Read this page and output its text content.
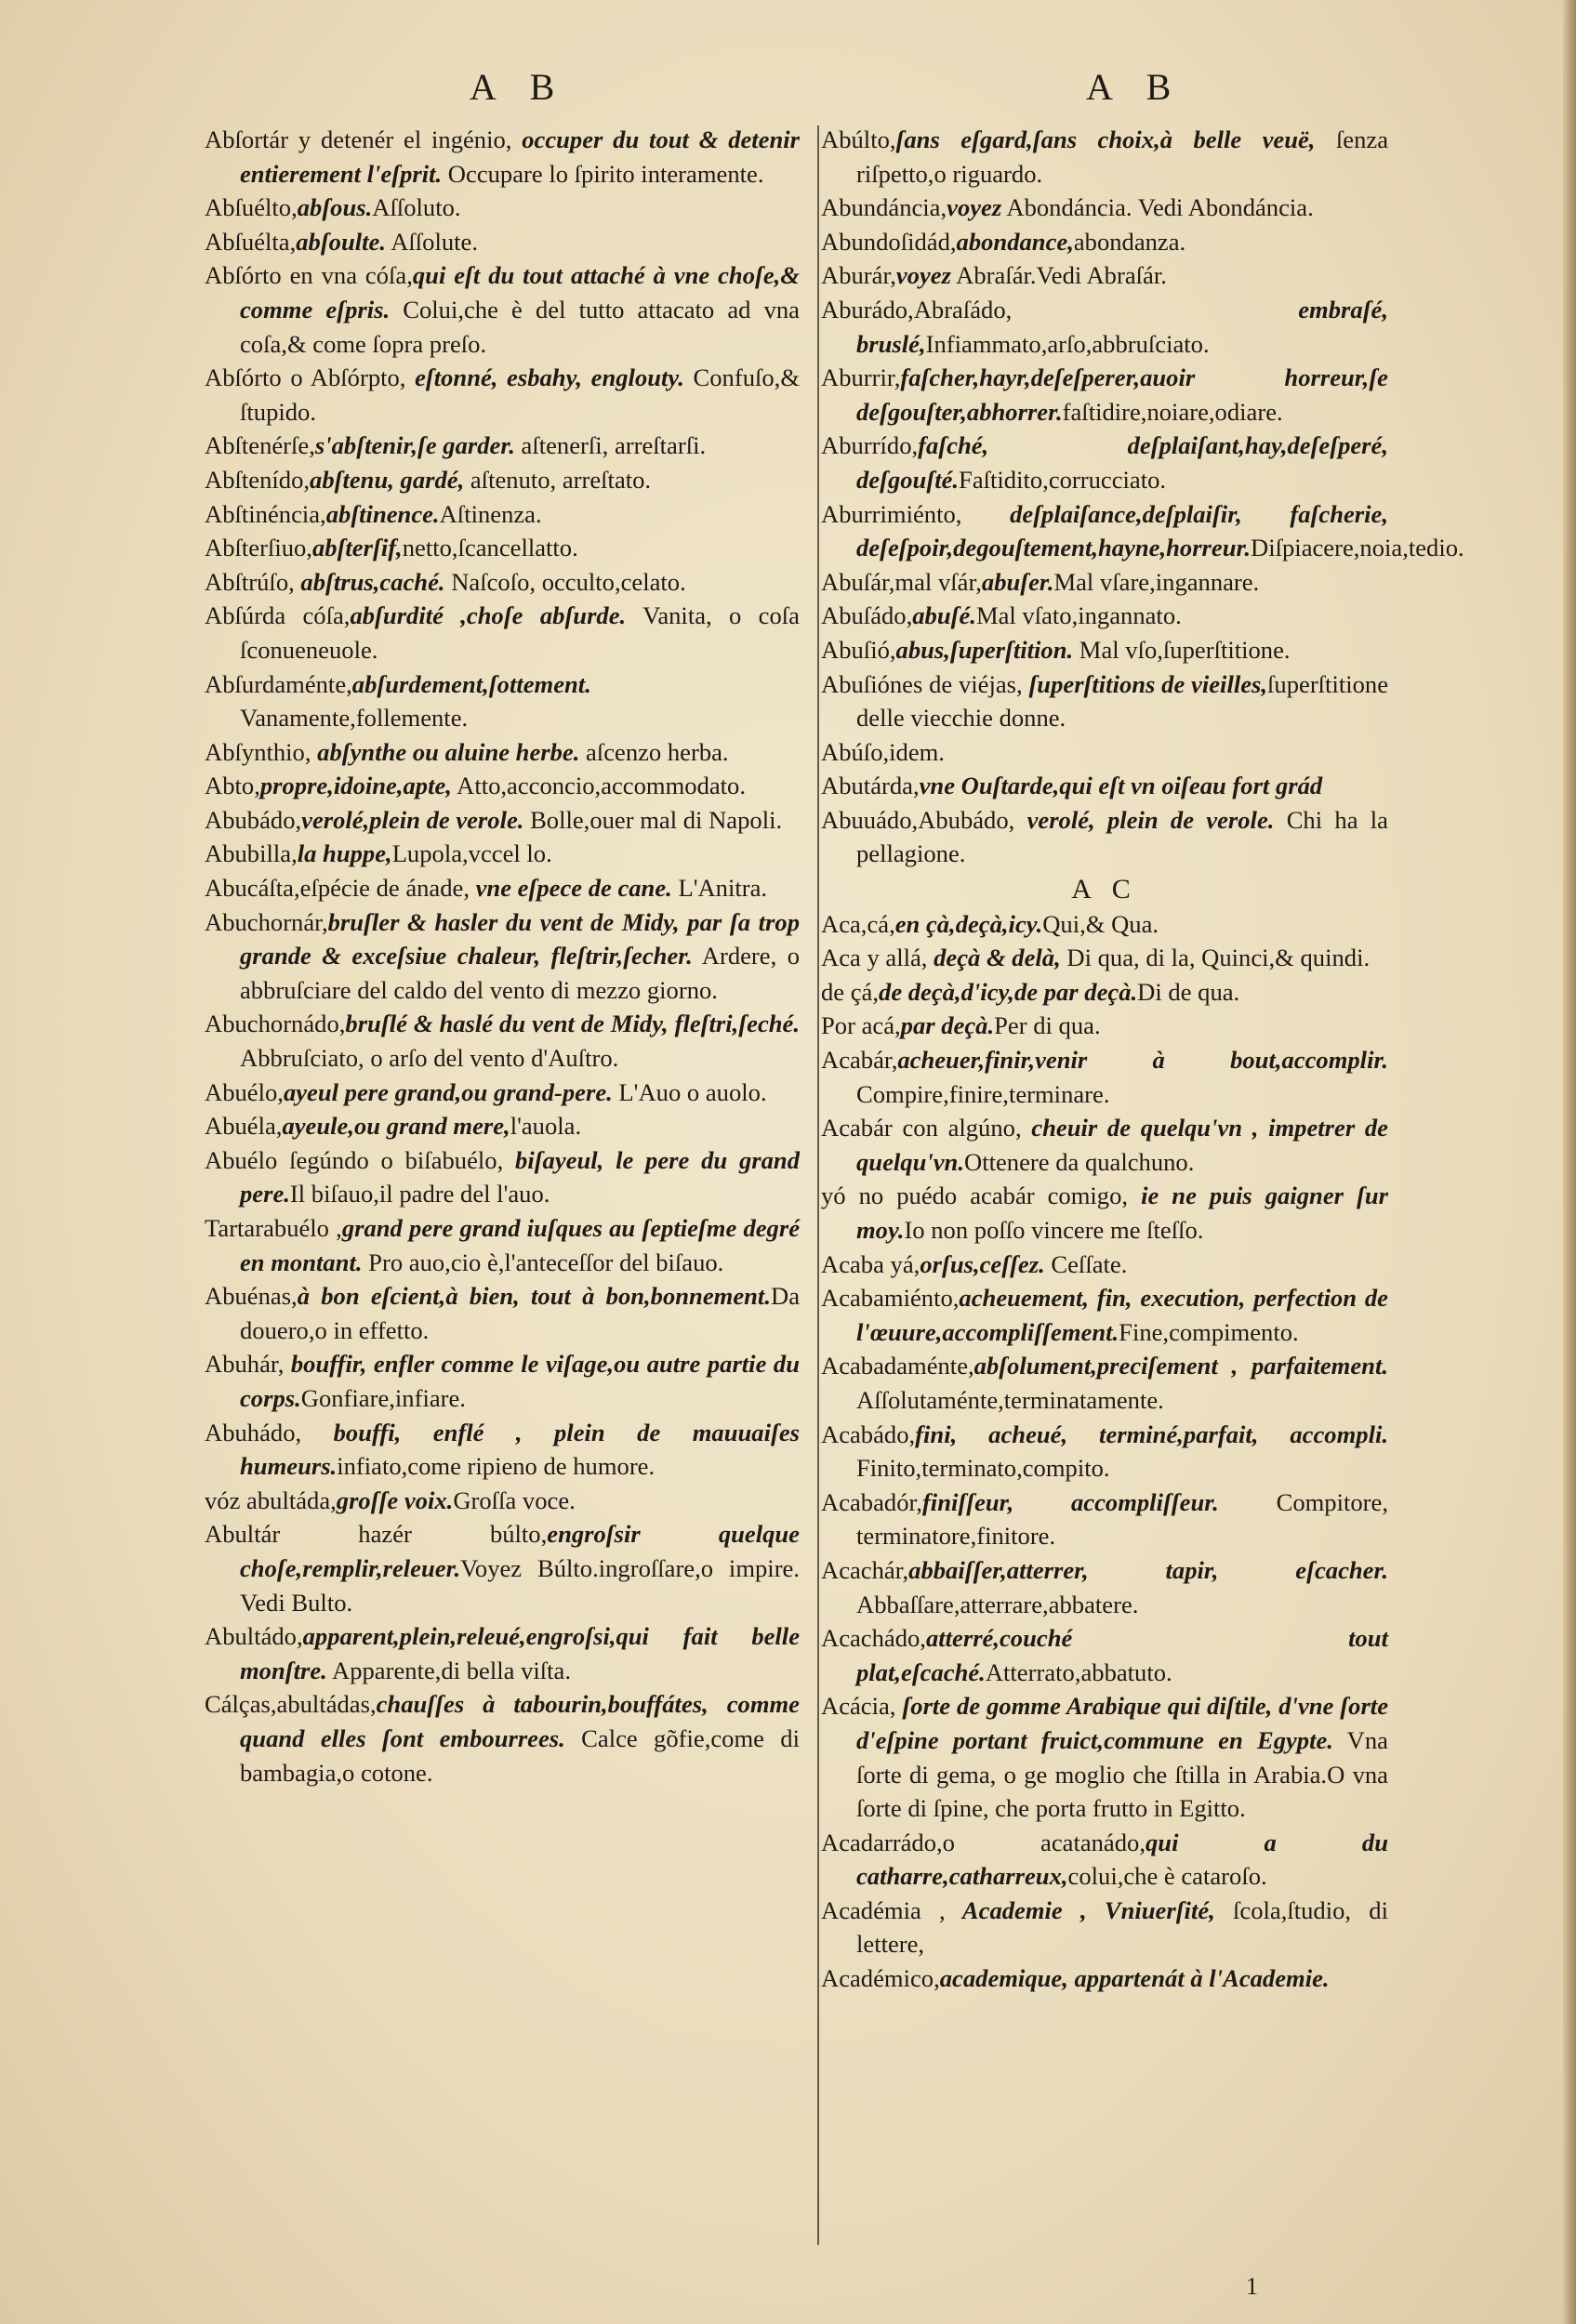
A B	A B

Abſortár y detenér el ingénio, occuper du tout & detenir entierement l'eſprit. Occupare lo ſpirito interamente.

Abſuélto,abſous.Aſſoluto.

Abſuélta,abſoulte. Aſſolute.

Abſórto en vna cóſa,qui eſt du tout attaché à vne choſe,& comme eſpris. Colui,che è del tutto attacato ad vna coſa,& come ſopra preſo.

Abſórto o Abſórpto, eſtonné, esbahy, englouty. Confuſo,& ſtupido.

Abſtenérſe,s'abſtenir,ſe garder. aſtenerſi, arreſtarſi.

Abſtenído,abſtenu, gardé, aſtenuto, arreſtato.

Abſtinéncia,abſtinence.Aſtinenza.

Abſterſiuo,abſterſif,netto,ſcancellatto.

Abſtrúſo, abſtrus,caché. Naſcoſo, occulto,celato.

Abſúrda cóſa,abſurdité ,choſe abſurde. Vanita, o coſa ſconueneuole.

Abſurdaménte,abſurdement,ſottement. Vanamente,follemente.

Abſynthio, abſynthe ou aluine herbe. aſcenzo herba.

Abto,propre,idoine,apte, Atto,acconcio,accommodato.

Abubádo,verolé,plein de verole. Bolle,ouer mal di Napoli.

Abubilla,la huppe,Lupola,vccel lo.

Abucáſta,eſpécie de ánade, vne eſpece de cane. L'Anitra.

Abuchornár,bruſler & hasler du vent de Midy, par ſa trop grande & exceſsiue chaleur, fleſtrir,ſecher. Ardere, o abbruſciare del caldo del vento di mezzo giorno.

Abuchornádo,bruſlé & haslé du vent de Midy, fleſtri,ſeché. Abbruſciato, o arſo del vento d'Auſtro.

Abuélo,ayeul pere grand,ou grand-pere. L'Auo o auolo.

Abuéla,ayeule,ou grand mere,l'auola.

Abuélo ſegúndo o biſabuélo, biſayeul, le pere du grand pere.Il biſauo,il padre del l'auo.

Tartarabuélo ,grand pere grand iuſques au ſeptieſme degré en montant. Pro auo,cio è,l'anteceſſor del biſauo.

Abuénas,à bon eſcient,à bien, tout à bon,bonnement.Da douero,o in effetto.

Abuhár, bouffir, enfler comme le viſage,ou autre partie du corps.Gonfiare,infiare.

Abuhádo, bouffi, enflé , plein de mauuaiſes humeurs.infiato,come ripieno de humore.

vóz abultáda,groſſe voix.Groſſa voce.

Abultár hazér búlto,engroſsir quelque choſe,remplir,releuer.Voyez Búlto.ingroſſare,o impire. Vedi Bulto.

Abultádo,apparent,plein,releué,engroſsi,qui fait belle monſtre. Apparente,di bella viſta.

Cálças,abultádas,chauſſes à tabourin,bouffátes, comme quand elles ſont embourrees. Calce gõfie,come di bambagia,o cotone.

Abúlto,ſans eſgard,ſans choix,à belle veuë, ſenza riſpetto,o riguardo.

Abundáncia,voyez Abondáncia. Vedi Abondáncia.

Abundoſidád,abondance,abondanza.

Aburár,voyez Abraſár.Vedi Abraſár.

Aburádo,Abraſádo, embraſé, bruslé,Infiammato,arſo,abbruſciato.

Aburrir,faſcher,hayr,deſeſperer,auoir horreur,ſe deſgouſter,abhorrer.faſtidire,noiare,odiare.

Aburrído,faſché, deſplaiſant,hay,deſeſperé, deſgouſté.Faſtidito,corrucciato.

Aburrimiénto, deſplaiſance,deſplaiſir, faſcherie, deſeſpoir,degouſtement,hayne,horreur.Diſpiacere,noia,tedio.

Abuſár,mal vſár,abuſer.Mal vſare,ingannare.

Abuſádo,abuſé.Mal vſato,ingannato.

Abuſió,abus,ſuperſtition. Mal vſo,ſuperſtitione.

Abuſiónes de viéjas, ſuperſtitions de vieilles,ſuperſtitione delle viecchie donne.

Abúſo,idem.

Abutárda,vne Ouſtarde,qui eſt vn oiſeau fort grád

Abuuádo,Abubádo, verolé, plein de verole. Chi ha la pellagione.

A C

Aca,cá,en çà,deçà,icy.Qui,& Qua.

Aca y allá, deçà & delà, Di qua, di la, Quinci,& quindi.

de çá,de deçà,d'icy,de par deçà.Di de qua.

Por acá,par deçà.Per di qua.

Acabár,acheuer,finir,venir à bout,accomplir. Compire,finire,terminare.

Acabár con algúno, cheuir de quelqu'vn , impetrer de quelqu'vn.Ottenere da qualchuno.

yó no puédo acabár comigo, ie ne puis gaigner ſur moy.Io non poſſo vincere me ſteſſo.

Acaba yá,orſus,ceſſez. Ceſſate.

Acabamiénto,acheuement, fin, execution, perfection de l'œuure,accompliſſement.Fine,compimento.

Acabadaménte,abſolument,preciſement , parfaitement. Aſſolutaménte,terminatamente.

Acabádo,fini, acheué, terminé,parfait, accompli. Finito,terminato,compito.

Acabadór,finiſſeur, accompliſſeur. Compitore, terminatore,finitore.

Acachár,abbaiſſer,atterrer, tapir, eſcacher. Abbaſſare,atterrare,abbatere.

Acachádo,atterré,couché tout plat,eſcaché.Atterrato,abbatuto.

Acácia, ſorte de gomme Arabique qui diſtile, d'vne ſorte d'eſpine portant fruict,commune en Egypte. Vna ſorte di gema, o ge moglio che ſtilla in Arabia.O vna ſorte di ſpine, che porta frutto in Egitto.

Acadarrádo,o acatanádo,qui a du catharre,catharreux,colui,che è cataroſo.

Académia , Academie , Vniuerſité, ſcola,ſtudio, di lettere,

Académico,academique, appartenát à l'Academie.

1
